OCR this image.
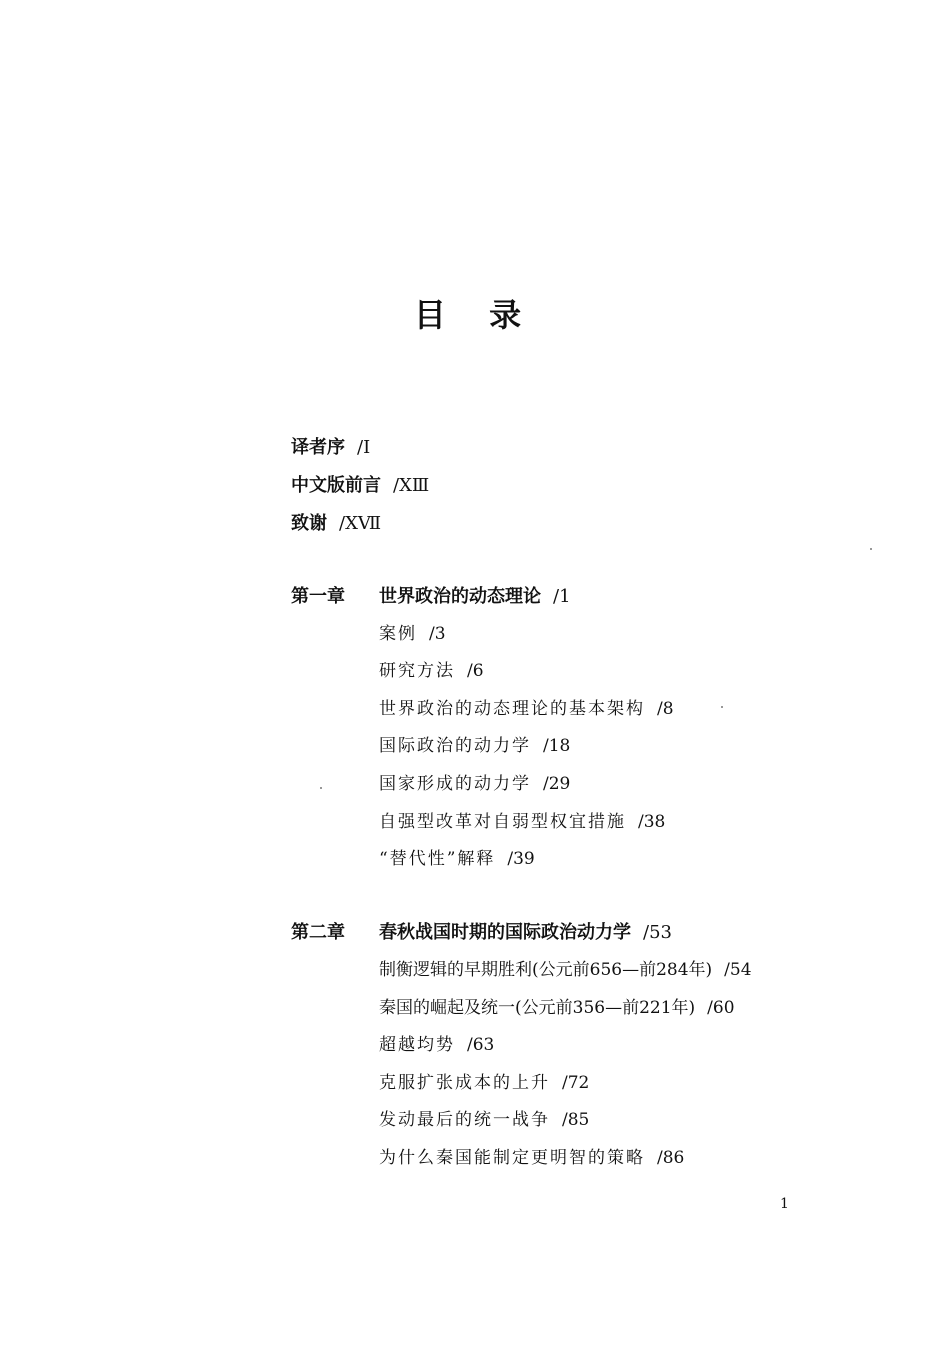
目 录
译者序 /Ⅰ
中文版前言 /ⅩⅢ
致谢 /ⅩⅦ
第一章 世界政治的动态理论 /1
案例 /3
研究方法 /6
世界政治的动态理论的基本架构 /8
国际政治的动力学 /18
国家形成的动力学 /29
自强型改革对自弱型权宜措施 /38
“替代性”解释 /39
第二章 春秋战国时期的国际政治动力学 /53
制衡逻辑的早期胜利(公元前656—前284年) /54
秦国的崛起及统一(公元前356—前221年) /60
超越均势 /63
克服扩张成本的上升 /72
发动最后的统一战争 /85
为什么秦国能制定更明智的策略 /86
1
